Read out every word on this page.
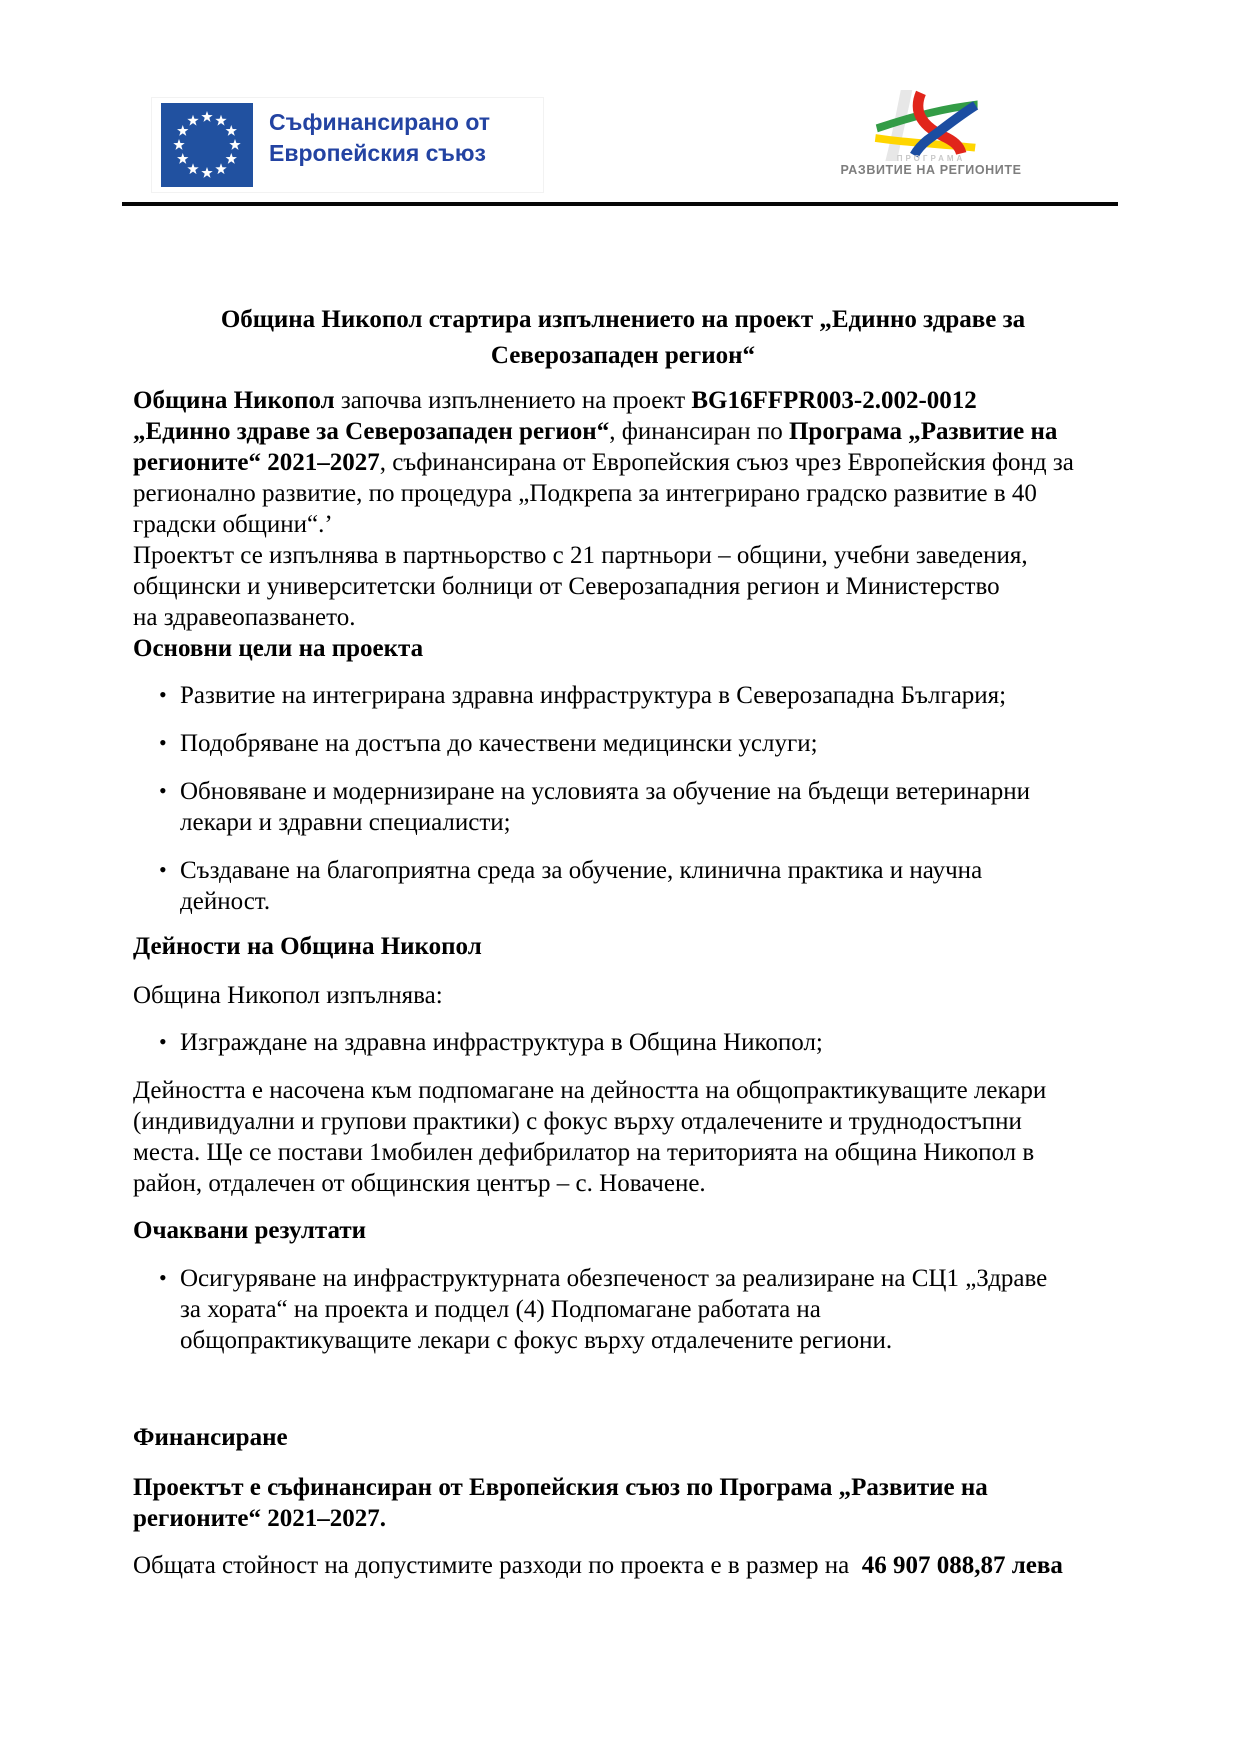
Съфинансирано от
Европейския съюз	ПРОГРАМА
РАЗВИТИЕ НА РЕГИОНИТЕ
Община Никопол стартира изпълнението на проект „Единно здраве за
Северозападен регион“
Община Никопол започва изпълнението на проект BG16FFPR003-2.002-0012
„Единно здраве за Северозападен регион“, финансиран по Програма „Развитие на
регионите“ 2021–2027, съфинансирана от Европейския съюз чрез Европейския фонд за
регионално развитие, по процедура „Подкрепа за интегрирано градско развитие в 40
градски общини“.’
Проектът се изпълнява в партньорство с 21 партньори – общини, учебни заведения,
общински и университетски болници от Северозападния регион и Министерство
на здравеопазването.
Основни цели на проекта
• Развитие на интегрирана здравна инфраструктура в Северозападна България;
• Подобряване на достъпа до качествени медицински услуги;
• Обновяване и модернизиране на условията за обучение на бъдещи ветеринарни
лекари и здравни специалисти;
• Създаване на благоприятна среда за обучение, клинична практика и научна
дейност.
Дейности на Община Никопол
Община Никопол изпълнява:
• Изграждане на здравна инфраструктура в Община Никопол;
Дейността е насочена към подпомагане на дейността на общопрактикуващите лекари
(индивидуални и групови практики) с фокус върху отдалечените и труднодостъпни
места. Ще се постави 1мобилен дефибрилатор на територията на община Никопол в
район, отдалечен от общинския център – с. Новачене.
Очаквани резултати
• Осигуряване на инфраструктурната обезпеченост за реализиране на СЦ1 „Здраве
за хората“ на проекта и подцел (4) Подпомагане работата на
общопрактикуващите лекари с фокус върху отдалечените региони.
Финансиране
Проектът е съфинансиран от Европейския съюз по Програма „Развитие на
регионите“ 2021–2027.
Общата стойност на допустимите разходи по проекта е в размер на  46 907 088,87 лева
